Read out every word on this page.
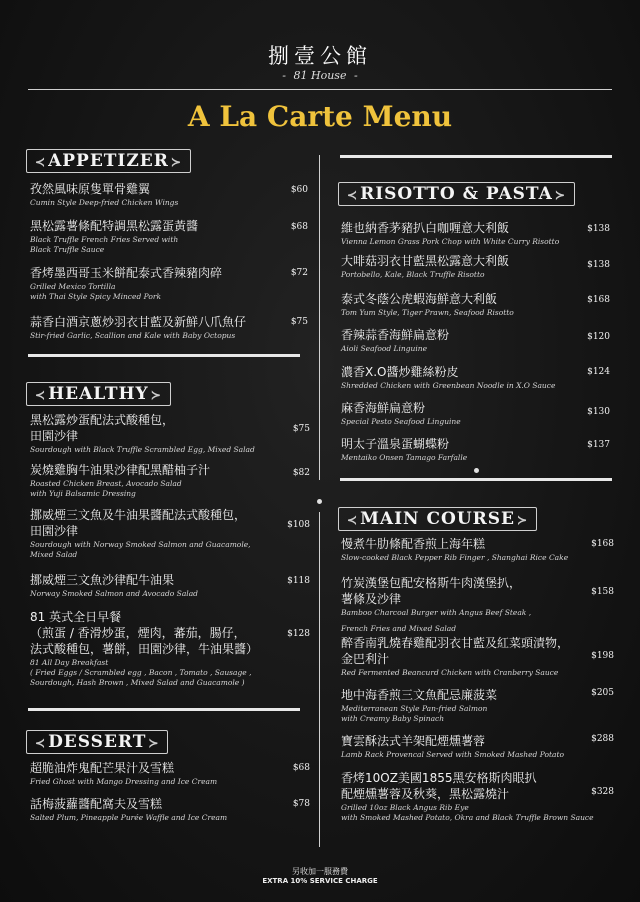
捌壹公館
- 81 House -
A La Carte Menu
≺ APPETIZER ≻
孜然風味原隻單骨雞翼
Cumin Style Deep-fried Chicken Wings
$60
黑松露薯條配特調黑松露蛋黃醬
Black Truffle French Fries Served with
Black Truffle Sauce
$68
香烤墨西哥玉米餅配泰式香辣豬肉碎
Grilled Mexico Tortilla
with Thai Style Spicy Minced Pork
$72
蒜香白酒京蔥炒羽衣甘藍及新鮮八爪魚仔
Stir-fried Garlic, Scallion and Kale with Baby Octopus
$75
≺ HEALTHY ≻
黑松露炒蛋配法式酸種包，
田園沙律
Sourdough with Black Truffle Scrambled Egg, Mixed Salad
$75
炭燒雞胸牛油果沙律配黑醋柚子汁
Roasted Chicken Breast, Avocado Salad
with Yuji Balsamic Dressing
$82
挪威煙三文魚及牛油果醬配法式酸種包，
田園沙律
Sourdough with Norway Smoked Salmon and Guacamole,
Mixed Salad
$108
挪威煙三文魚沙律配牛油果
Norway Smoked Salmon and Avocado Salad
$118
81 英式全日早餐
（煎蛋 / 香滑炒蛋，煙肉，蕃茄，腸仔，
法式酸種包，薯餅，田園沙律，牛油果醬）
81 All Day Breakfast
( Fried Eggs / Scrambled egg , Bacon , Tomato , Sausage ,
Sourdough, Hash Brown , Mixed Salad and Guacamole )
$128
≺ DESSERT ≻
超脆油炸鬼配芒果汁及雪糕
Fried Ghost with Mango Dressing and Ice Cream
$68
話梅菠蘿醬配窩夫及雪糕
Salted Plum, Pineapple Purée Waffle and Ice Cream
$78
≺ RISOTTO & PASTA ≻
維也納香茅豬扒白咖喱意大利飯
Vienna Lemon Grass Pork Chop with White Curry Risotto
$138
大啡菇羽衣甘藍黑松露意大利飯
Portobello, Kale, Black Truffle Risotto
$138
泰式冬蔭公虎蝦海鮮意大利飯
Tom Yum Style, Tiger Prawn, Seafood Risotto
$168
香辣蒜香海鮮扁意粉
Aioli Seafood Linguine
$120
濃香X.O醬炒雞絲粉皮
Shredded Chicken with Greenbean Noodle in X.O Sauce
$124
麻香海鮮扁意粉
Special Pesto Seafood Linguine
$130
明太子溫泉蛋蝴蝶粉
Mentaiko Onsen Tamago Farfalle
$137
≺ MAIN COURSE ≻
慢煮牛肋條配香煎上海年糕
Slow-cooked Black Pepper Rib Finger , Shanghai Rice Cake
$168
竹炭漢堡包配安格斯牛肉漢堡扒，
薯條及沙律
Bamboo Charcoal Burger with Angus Beef Steak ,
French Fries and Mixed Salad
$158
醉香南乳燒春雞配羽衣甘藍及紅菜頭漬物，
金巴利汁
Red Fermented Beancurd Chicken with Cranberry Sauce
$198
地中海香煎三文魚配忌廉菠菜
Mediterranean Style Pan-fried Salmon
with Creamy Baby Spinach
$205
寶雲酥法式羊架配煙燻薯蓉
Lamb Rack Provencal Served with Smoked Mashed Potato
$288
香烤10OZ美國1855黑安格斯肉眼扒
配煙燻薯蓉及秋葵，黑松露燒汁
Grilled 10oz Black Angus Rib Eye
with Smoked Mashed Potato, Okra and Black Truffle Brown Sauce
$328
另收加一服務費
EXTRA 10% SERVICE CHARGE
